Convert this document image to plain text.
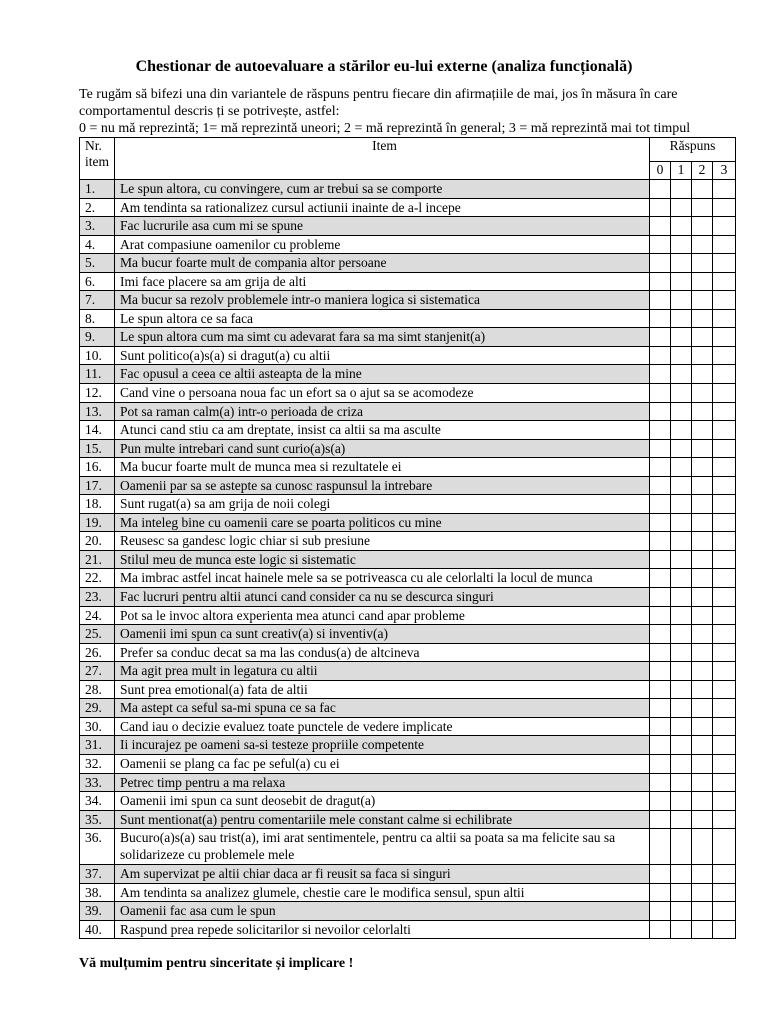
Chestionar de autoevaluare a stărilor eu-lui externe (analiza funcțională)
Te rugăm să bifezi una din variantele de răspuns pentru fiecare din afirmațiile de mai, jos în măsura în care comportamentul descris ți se potrivește, astfel:
0 = nu mă reprezintă; 1= mă reprezintă uneori; 2 = mă reprezintă în general; 3 = mă reprezintă mai tot timpul
Nr. item	Item	Răspuns			
		0	1	2	3
1.	Le spun altora, cu convingere, cum ar trebui sa se comporte				
2.	Am tendinta sa rationalizez cursul actiunii inainte de a-l incepe				
3.	Fac lucrurile asa cum mi se spune				
4.	Arat compasiune oamenilor cu probleme				
5.	Ma bucur foarte mult de compania altor persoane				
6.	Imi face placere sa am grija de alti				
7.	Ma bucur sa rezolv problemele intr-o maniera logica si sistematica				
8.	Le spun altora ce sa faca				
9.	Le spun altora cum ma simt cu adevarat fara sa ma simt stanjenit(a)				
10.	Sunt politico(a)s(a) si dragut(a) cu altii				
11.	Fac opusul a ceea ce altii asteapta de la mine				
12.	Cand vine o persoana noua fac un efort sa o ajut sa se acomodeze				
13.	Pot sa raman calm(a) intr-o perioada de criza				
14.	Atunci cand stiu ca am dreptate, insist ca altii sa ma asculte				
15.	Pun multe intrebari cand sunt curio(a)s(a)				
16.	Ma bucur foarte mult de munca mea si rezultatele ei				
17.	Oamenii par sa se astepte sa cunosc raspunsul la intrebare				
18.	Sunt rugat(a) sa am grija de noii colegi				
19.	Ma inteleg bine cu oamenii care se poarta politicos cu mine				
20.	Reusesc sa gandesc logic chiar si sub presiune				
21.	Stilul meu de munca este logic si sistematic				
22.	Ma imbrac astfel incat hainele mele sa se potriveasca cu ale celorlalti la locul de munca				
23.	Fac lucruri pentru altii atunci cand consider ca nu se descurca singuri				
24.	Pot sa le invoc altora experienta mea atunci cand apar probleme				
25.	Oamenii imi spun ca sunt creativ(a) si inventiv(a)				
26.	Prefer sa conduc decat sa ma las condus(a) de altcineva				
27.	Ma agit prea mult in legatura cu altii				
28.	Sunt prea emotional(a) fata de altii				
29.	Ma astept ca seful sa-mi spuna ce sa fac				
30.	Cand iau o decizie evaluez toate punctele de vedere implicate				
31.	Ii incurajez pe oameni sa-si testeze propriile competente				
32.	Oamenii se plang ca fac pe seful(a) cu ei				
33.	Petrec timp pentru a ma relaxa				
34.	Oamenii imi spun ca sunt deosebit de dragut(a)				
35.	Sunt mentionat(a) pentru comentariile mele constant calme si echilibrate				
36.	Bucuro(a)s(a) sau trist(a), imi arat sentimentele, pentru ca altii sa poata sa ma felicite sau sa solidarizeze cu problemele mele				
37.	Am supervizat pe altii chiar daca ar fi reusit sa faca si singuri				
38.	Am tendinta sa analizez glumele, chestie care le modifica sensul, spun altii				
39.	Oamenii fac asa cum le spun				
40.	Raspund prea repede solicitarilor si nevoilor celorlalti				
Vă mulțumim pentru sinceritate și implicare !
